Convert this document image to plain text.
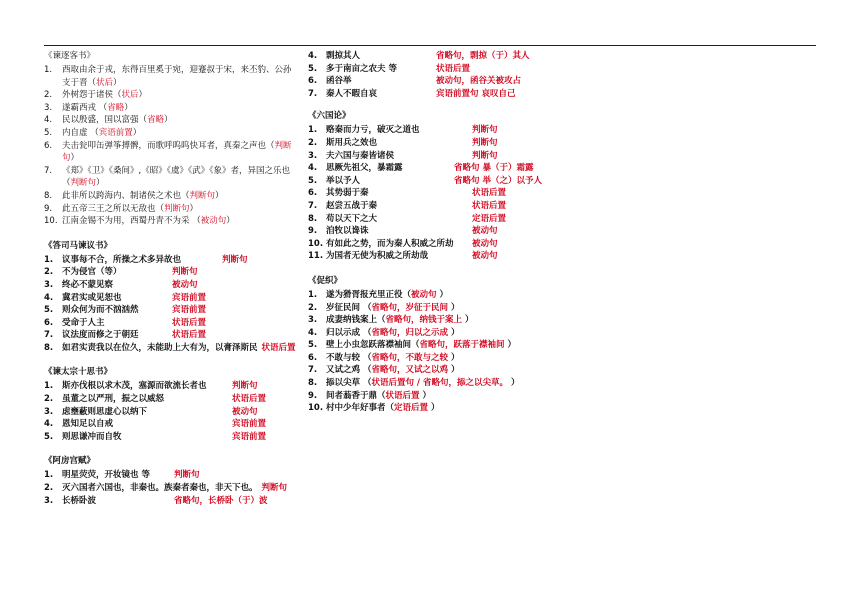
《谏逐客书》
1.	西取由余于戎，东得百里奚于宛，迎蹇叔于宋，来丕豹、公孙支于晋（状后）
2.	外树怨于诸侯（状后）
3.	遂霸西戎 （省略）
4.	民以殷盛，国以富强（省略）
5.	内自虚 （宾语前置）
6.	夫击瓮叩缶弹筝搏髀，而歌呼呜呜快耳者，真秦之声也（判断句）
7.	《郑》《卫》《桑间》,《昭》《虞》《武》《象》者，异国之乐也（判断句）
8.	此非所以跨海内、制诸侯之术也（判断句）
9.	此五帝三王之所以无敌也（判断句）
10. 江南金锡不为用，西蜀丹青不为采 （被动句）
《答司马谏议书》
1.	议事每不合，所操之术多异故也	判断句
2.	不为侵官（等）	判断句
3.	终必不蒙见察	被动句
4.	冀君实或见恕也	宾语前置
5.	则众何为而不汹汹然	宾语前置
6.	受命于人主	状语后置
7.	议法度而修之于朝廷	状语后置
8.	如君实责我以在位久，未能助上大有为，以膏泽斯民 状语后置
《谏太宗十思书》
1.	斯亦伐根以求木茂，塞源而欲流长者也	判断句
2.	虽董之以严刑，振之以威怒	状语后置
3.	虑壅蔽则思虚心以纳下	被动句
4.	恩知足以自戒	宾语前置
5.	则思谦冲而自牧	宾语前置
《阿房宫赋》
1.	明星荧荧，开妆镜也 等	判断句
2.	灭六国者六国也，非秦也。族秦者秦也，非天下也。 判断句
3.	长桥卧波	省略句，长桥卧（于）波
4.	剽掠其人	省略句，剽掠（于）其人
5.	多于南亩之农夫 等	状语后置
6.	函谷举	被动句，函谷关被攻占
7.	秦人不暇自哀	宾语前置句 哀叹自己
《六国论》
1.	赂秦而力亏，破灭之道也	判断句
2.	斯用兵之效也	判断句
3.	夫六国与秦皆诸侯	判断句
4.	思厥先祖父，暴霜露	省略句 暴（于）霜露
5.	举以予人	省略句 举（之）以予人
6.	其势弱于秦	状语后置
7.	赵尝五战于秦	状语后置
8.	苟以天下之大	定语后置
9.	洎牧以谗诛	被动句
10. 有如此之势，而为秦人积威之所劫 被动句
11. 为国者无使为积威之所劫哉	被动句
《促织》
1.	遂为猾胥报充里正役（被动句 ）
2.	岁征民间 （省略句，岁征于民间 ）
3.	成妻纳钱案上（省略句，纳钱于案上 ）
4.	归以示成 （省略句，归以之示成 ）
5.	壁上小虫忽跃落襟袖间（省略句，跃落于襟袖间 ）
6.	不敢与较 （省略句，不敢与之较 ）
7.	又试之鸡 （省略句，又试之以鸡 ）
8.	掭以尖草 （状语后置句 / 省略句，掭之以尖草。 ）
9.	间者蓊香于鼎（状语后置 ）
10. 村中少年好事者（定语后置 ）
